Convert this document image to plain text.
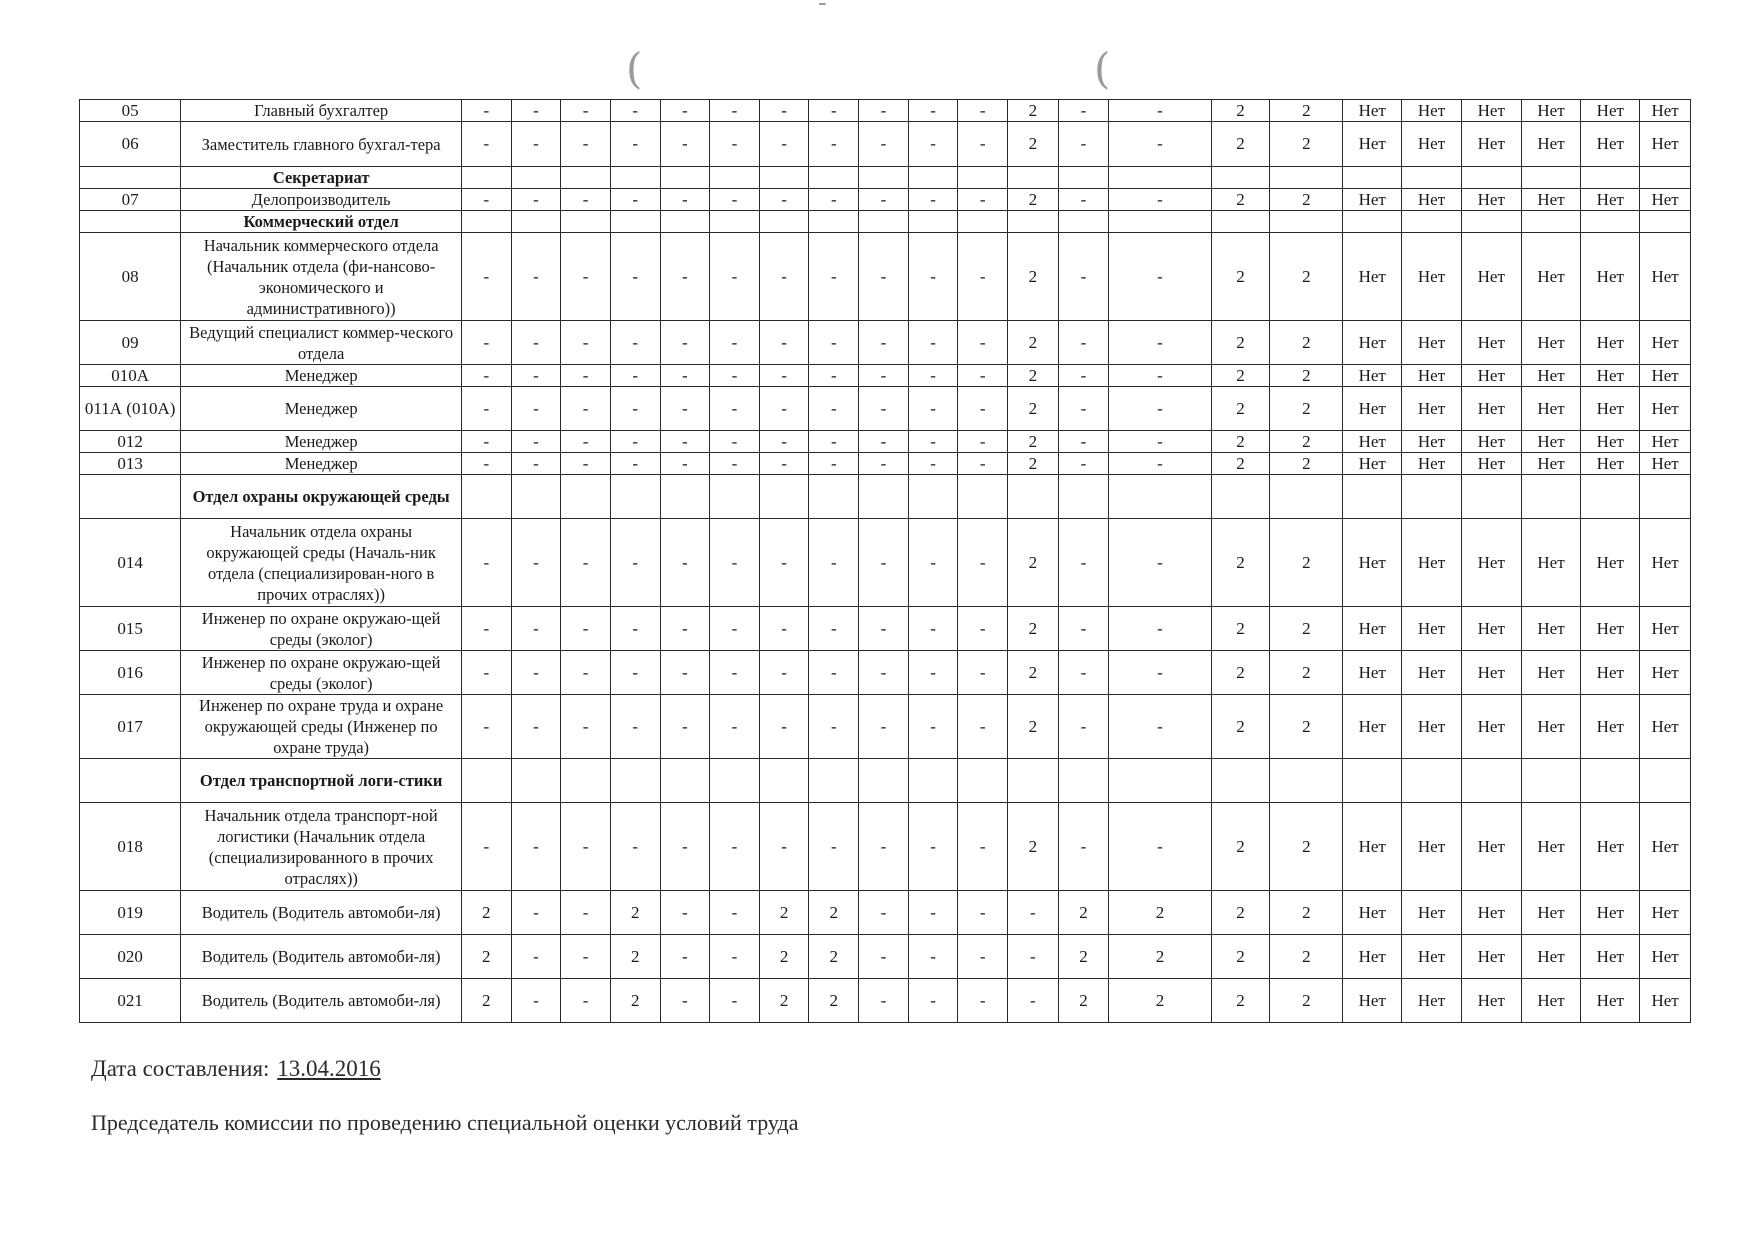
-
(	(
05	Главный бухгалтер	-	-	-	-	-	-	-	-	-	-	-	2	-	-	2	2	Нет	Нет	Нет	Нет	Нет	Нет
06	Заместитель главного бухгал-тера	-	-	-	-	-	-	-	-	-	-	-	2	-	-	2	2	Нет	Нет	Нет	Нет	Нет	Нет
	Секретариат																						
07	Делопроизводитель	-	-	-	-	-	-	-	-	-	-	-	2	-	-	2	2	Нет	Нет	Нет	Нет	Нет	Нет
	Коммерческий отдел																						
08	Начальник коммерческого отдела (Начальник отдела (фи-нансово-экономического и административного))	-	-	-	-	-	-	-	-	-	-	-	2	-	-	2	2	Нет	Нет	Нет	Нет	Нет	Нет
09	Ведущий специалист коммер-ческого отдела	-	-	-	-	-	-	-	-	-	-	-	2	-	-	2	2	Нет	Нет	Нет	Нет	Нет	Нет
010А	Менеджер	-	-	-	-	-	-	-	-	-	-	-	2	-	-	2	2	Нет	Нет	Нет	Нет	Нет	Нет
011А (010А)	Менеджер	-	-	-	-	-	-	-	-	-	-	-	2	-	-	2	2	Нет	Нет	Нет	Нет	Нет	Нет
012	Менеджер	-	-	-	-	-	-	-	-	-	-	-	2	-	-	2	2	Нет	Нет	Нет	Нет	Нет	Нет
013	Менеджер	-	-	-	-	-	-	-	-	-	-	-	2	-	-	2	2	Нет	Нет	Нет	Нет	Нет	Нет
	Отдел охраны окружающей среды																						
014	Начальник отдела охраны окружающей среды (Началь-ник отдела (специализирован-ного в прочих отраслях))	-	-	-	-	-	-	-	-	-	-	-	2	-	-	2	2	Нет	Нет	Нет	Нет	Нет	Нет
015	Инженер по охране окружаю-щей среды (эколог)	-	-	-	-	-	-	-	-	-	-	-	2	-	-	2	2	Нет	Нет	Нет	Нет	Нет	Нет
016	Инженер по охране окружаю-щей среды (эколог)	-	-	-	-	-	-	-	-	-	-	-	2	-	-	2	2	Нет	Нет	Нет	Нет	Нет	Нет
017	Инженер по охране труда и охране окружающей среды (Инженер по охране труда)	-	-	-	-	-	-	-	-	-	-	-	2	-	-	2	2	Нет	Нет	Нет	Нет	Нет	Нет
	Отдел транспортной логи-стики																						
018	Начальник отдела транспорт-ной логистики (Начальник отдела (специализированного в прочих отраслях))	-	-	-	-	-	-	-	-	-	-	-	2	-	-	2	2	Нет	Нет	Нет	Нет	Нет	Нет
019	Водитель (Водитель автомоби-ля)	2	-	-	2	-	-	2	2	-	-	-	-	2	2	2	2	Нет	Нет	Нет	Нет	Нет	Нет
020	Водитель (Водитель автомоби-ля)	2	-	-	2	-	-	2	2	-	-	-	-	2	2	2	2	Нет	Нет	Нет	Нет	Нет	Нет
021	Водитель (Водитель автомоби-ля)	2	-	-	2	-	-	2	2	-	-	-	-	2	2	2	2	Нет	Нет	Нет	Нет	Нет	Нет
Дата составления: 13.04.2016
Председатель комиссии по проведению специальной оценки условий труда
